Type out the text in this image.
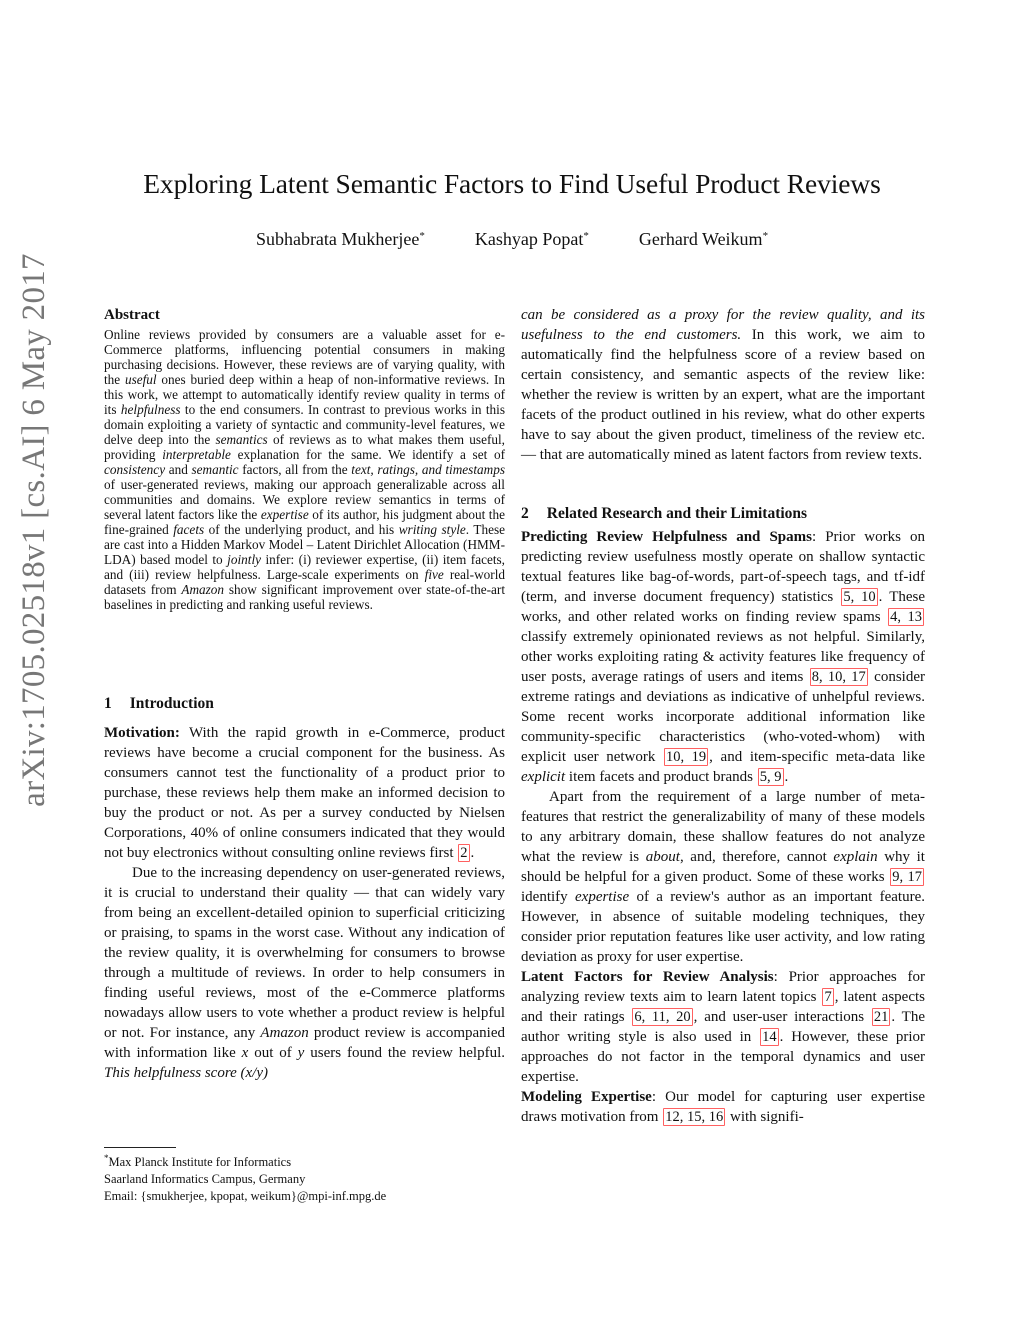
arXiv:1705.02518v1 [cs.AI] 6 May 2017
Exploring Latent Semantic Factors to Find Useful Product Reviews
Subhabrata Mukherjee*	Kashyap Popat*	Gerhard Weikum*
Abstract
Online reviews provided by consumers are a valuable asset for e-Commerce platforms, influencing potential consumers in making purchasing decisions. However, these reviews are of varying quality, with the useful ones buried deep within a heap of non-informative reviews. In this work, we attempt to automatically identify review quality in terms of its helpfulness to the end consumers. In contrast to previous works in this domain exploiting a variety of syntactic and community-level features, we delve deep into the semantics of reviews as to what makes them useful, providing interpretable explanation for the same. We identify a set of consistency and semantic factors, all from the text, ratings, and timestamps of user-generated reviews, making our approach generalizable across all communities and domains. We explore review semantics in terms of several latent factors like the expertise of its author, his judgment about the fine-grained facets of the underlying product, and his writing style. These are cast into a Hidden Markov Model – Latent Dirichlet Allocation (HMM-LDA) based model to jointly infer: (i) reviewer expertise, (ii) item facets, and (iii) review helpfulness. Large-scale experiments on five real-world datasets from Amazon show significant improvement over state-of-the-art baselines in predicting and ranking useful reviews.
1 Introduction
Motivation: With the rapid growth in e-Commerce, product reviews have become a crucial component for the business. As consumers cannot test the functionality of a product prior to purchase, these reviews help them make an informed decision to buy the product or not. As per a survey conducted by Nielsen Corporations, 40% of online consumers indicated that they would not buy electronics without consulting online reviews first 2 .
Due to the increasing dependency on user-generated reviews, it is crucial to understand their quality — that can widely vary from being an excellent-detailed opinion to superficial criticizing or praising, to spams in the worst case. Without any indication of the review quality, it is overwhelming for consumers to browse through a multitude of reviews. In order to help consumers in finding useful reviews, most of the e-Commerce platforms nowadays allow users to vote whether a product review is helpful or not. For instance, any Amazon product review is accompanied with information like x out of y users found the review helpful. This helpfulness score (x/y)
can be considered as a proxy for the review quality, and its usefulness to the end customers. In this work, we aim to automatically find the helpfulness score of a review based on certain consistency, and semantic aspects of the review like: whether the review is written by an expert, what are the important facets of the product outlined in his review, what do other experts have to say about the given product, timeliness of the review etc. — that are automatically mined as latent factors from review texts.
2 Related Research and their Limitations
Predicting Review Helpfulness and Spams: Prior works on predicting review usefulness mostly operate on shallow syntactic textual features like bag-of-words, part-of-speech tags, and tf-idf (term, and inverse document frequency) statistics 5, 10 . These works, and other related works on finding review spams 4, 13 classify extremely opinionated reviews as not helpful. Similarly, other works exploiting rating & activity features like frequency of user posts, average ratings of users and items 8, 10, 17 consider extreme ratings and deviations as indicative of unhelpful reviews. Some recent works incorporate additional information like community-specific characteristics (who-voted-whom) with explicit user network 10, 19 , and item-specific meta-data like explicit item facets and product brands 5, 9 .
Apart from the requirement of a large number of meta-features that restrict the generalizability of many of these models to any arbitrary domain, these shallow features do not analyze what the review is about, and, therefore, cannot explain why it should be helpful for a given product. Some of these works 9, 17 identify expertise of a review's author as an important feature. However, in absence of suitable modeling techniques, they consider prior reputation features like user activity, and low rating deviation as proxy for user expertise.
Latent Factors for Review Analysis: Prior approaches for analyzing review texts aim to learn latent topics 7 , latent aspects and their ratings 6, 11, 20 , and user-user interactions 21 . The author writing style is also used in 14 . However, these prior approaches do not factor in the temporal dynamics and user expertise.
Modeling Expertise: Our model for capturing user expertise draws motivation from 12, 15, 16 with signifi-
*Max Planck Institute for Informatics
Saarland Informatics Campus, Germany
Email: {smukherjee, kpopat, weikum}@mpi-inf.mpg.de
